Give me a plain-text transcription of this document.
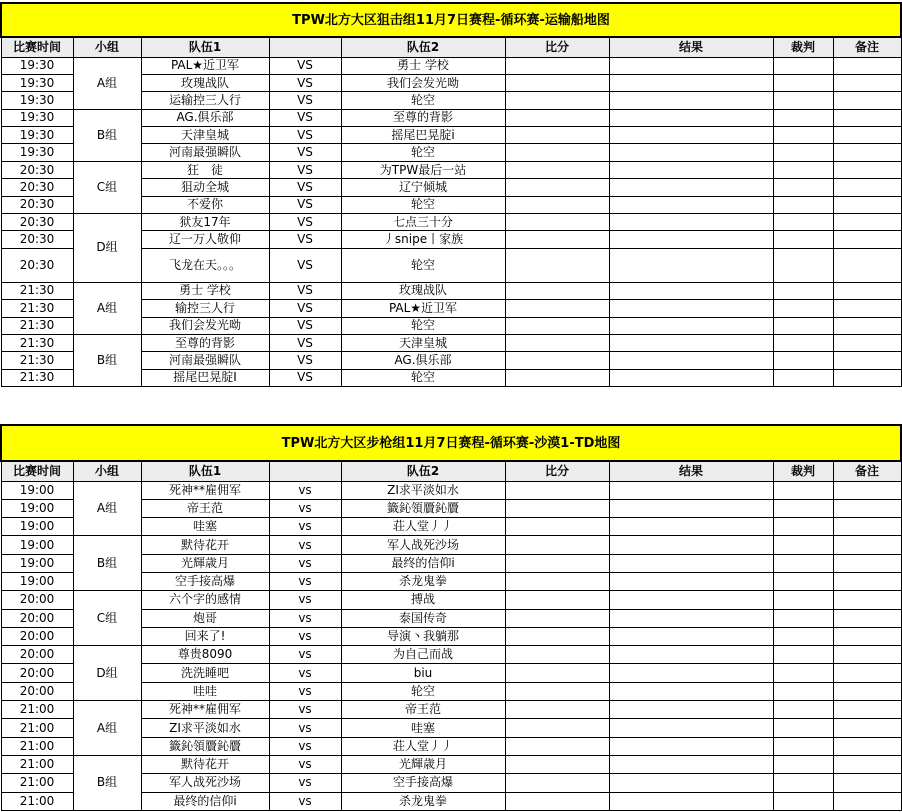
TPW北方大区狙击组11月7日赛程-循环赛-运输船地图								
比赛时间	小组	队伍1		队伍2	比分	结果	裁判	备注
19:30	A组	PAL★近卫军	VS	勇士 学校				
19:30		玫瑰战队	VS	我们会发光呦				
19:30		运输控三人行	VS	轮空				
19:30	B组	AG.俱乐部	VS	至尊的背影				
19:30		天津皇城	VS	摇尾巴晃腚i				
19:30		河南最强瞬队	VS	轮空				
20:30	C组	狂　徒	VS	为TPW最后一站				
20:30		狙动全城	VS	辽宁倾城				
20:30		不爱你	VS	轮空				
20:30	D组	狱友17年	VS	七点三十分				
20:30		辽一万人敬仰	VS	丿snipe丨家族				
20:30		飞龙在天。。。	VS	轮空				
21:30	A组	勇士 学校	VS	玫瑰战队				
21:30		输控三人行	VS	PAL★近卫军				
21:30		我们会发光呦	VS	轮空				
21:30	B组	至尊的背影	VS	天津皇城				
21:30		河南最强瞬队	VS	AG.俱乐部				
21:30		摇尾巴晃腚I	VS	轮空				
TPW北方大区步枪组11月7日赛程-循环赛-沙漠1-TD地图								
比赛时间	小组	队伍1		队伍2	比分	结果	裁判	备注
19:00	A组	死神**雇佣军	vs	ZI求平淡如水				
19:00		帝王范	vs	籤鈊領贗鈊贗				
19:00		哇塞	vs	荘人堂丿丿				
19:00	B组	默待花开	vs	军人战死沙场				
19:00		光輝歳月	vs	最终的信仰i				
19:00		空手接高爆	vs	杀龙鬼拳				
20:00	C组	六个字的感情	vs	搏战				
20:00		炮哥	vs	泰国传奇				
20:00		回来了!	vs	导演丶我躺那				
20:00	D组	尊贵8090	vs	为自己而战				
20:00		洗洗睡吧	vs	biu				
20:00		哇哇	vs	轮空				
21:00	A组	死神**雇佣军	vs	帝王范				
21:00		ZI求平淡如水	vs	哇塞				
21:00		籤鈊領贗鈊贗	vs	荘人堂丿丿				
21:00	B组	默待花开	vs	光輝歳月				
21:00		军人战死沙场	vs	空手接高爆				
21:00		最终的信仰i	vs	杀龙鬼拳				
